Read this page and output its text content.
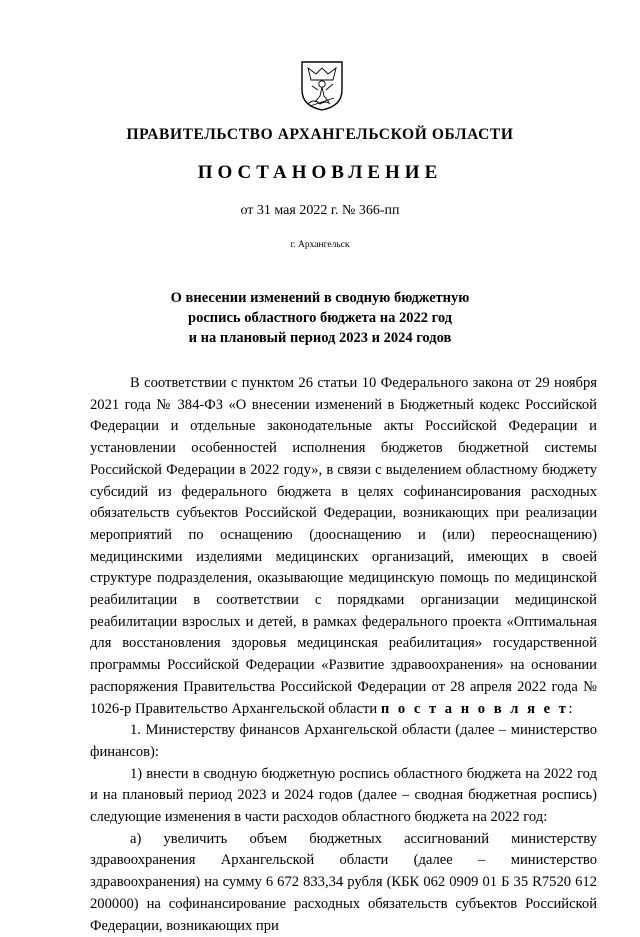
ПРАВИТЕЛЬСТВО АРХАНГЕЛЬСКОЙ ОБЛАСТИ
ПОСТАНОВЛЕНИЕ
от 31 мая 2022 г. № 366-пп
г. Архангельск
О внесении изменений в сводную бюджетную
роспись областного бюджета на 2022 год
и на плановый период 2023 и 2024 годов

В соответствии с пунктом 26 статьи 10 Федерального закона от 29 ноября 2021 года № 384-ФЗ «О внесении изменений в Бюджетный кодекс Российской Федерации и отдельные законодательные акты Российской Федерации и установлении особенностей исполнения бюджетов бюджетной системы Российской Федерации в 2022 году», в связи с выделением областному бюджету субсидий из федерального бюджета в целях софинансирования расходных обязательств субъектов Российской Федерации, возникающих при реализации мероприятий по оснащению (дооснащению и (или) переоснащению) медицинскими изделиями медицинских организаций, имеющих в своей структуре подразделения, оказывающие медицинскую помощь по медицинской реабилитации в соответствии с порядками организации медицинской реабилитации взрослых и детей, в рамках федерального проекта «Оптимальная для восстановления здоровья медицинская реабилитация» государственной программы Российской Федерации «Развитие здравоохранения» на основании распоряжения Правительства Российской Федерации от 28 апреля 2022 года № 1026-р Правительство Архангельской области п о с т а н о в л я е т:

1. Министерству финансов Архангельской области (далее – министерство финансов):

1) внести в сводную бюджетную роспись областного бюджета на 2022 год и на плановый период 2023 и 2024 годов (далее – сводная бюджетная роспись) следующие изменения в части расходов областного бюджета на 2022 год:

а) увеличить объем бюджетных ассигнований министерству здравоохранения Архангельской области (далее – министерство здравоохранения) на сумму 6 672 833,34 рубля (КБК 062 0909 01 Б 35 R7520 612 200000) на софинансирование расходных обязательств субъектов Российской Федерации, возникающих при
